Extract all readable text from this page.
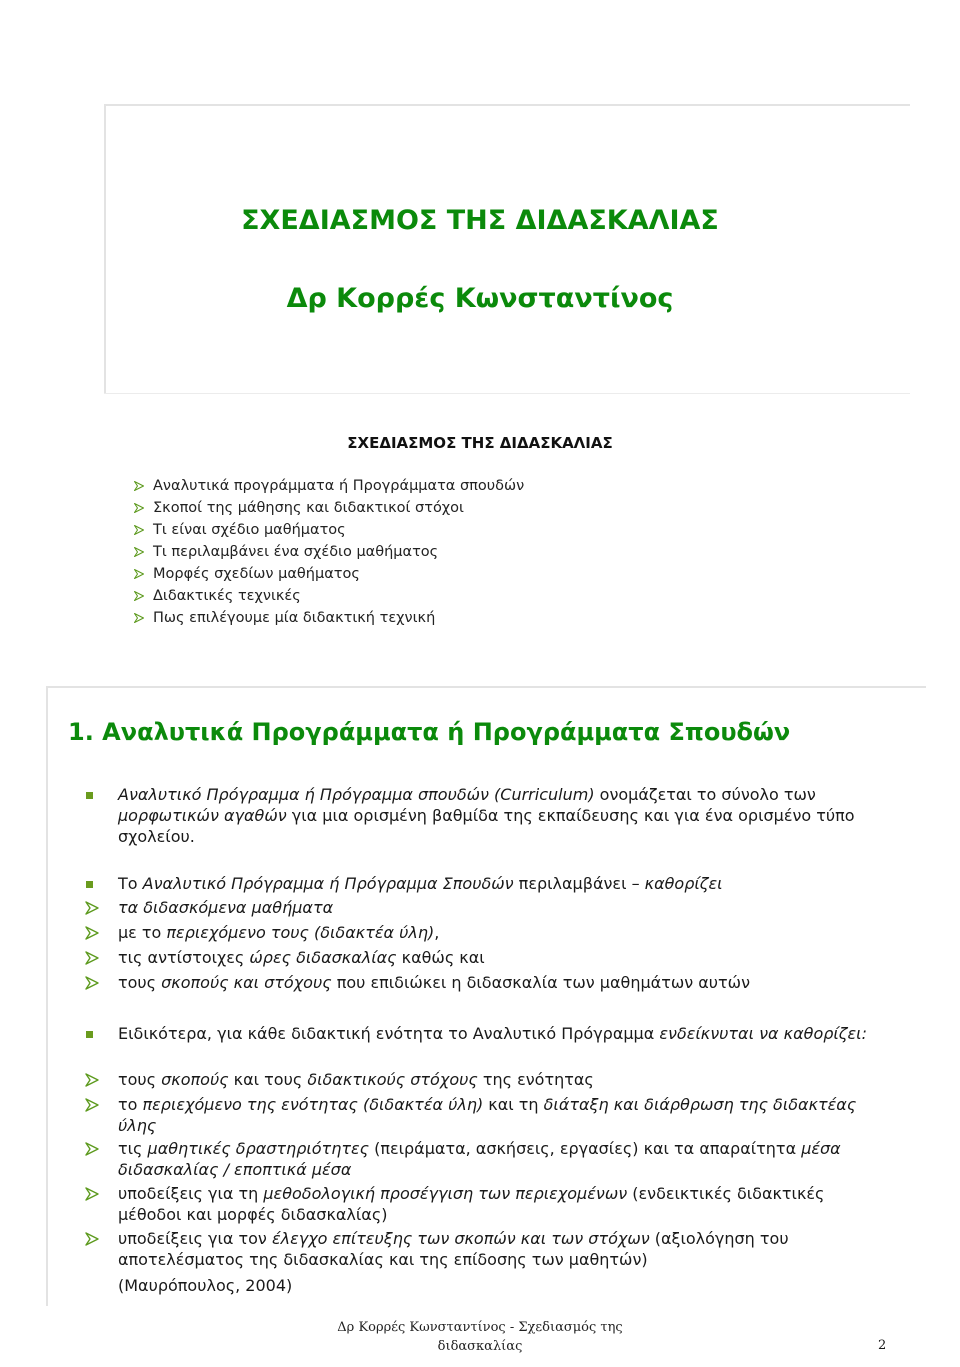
ΣΧΕΔΙΑΣΜΟΣ ΤΗΣ ΔΙΔΑΣΚΑΛΙΑΣ
Δρ Κορρές Κωνσταντίνος
ΣΧΕΔΙΑΣΜΟΣ ΤΗΣ ΔΙΔΑΣΚΑΛΙΑΣ
Αναλυτικά προγράμματα ή Προγράμματα σπουδών
Σκοποί της μάθησης και διδακτικοί στόχοι
Τι είναι σχέδιο μαθήματος
Τι περιλαμβάνει ένα σχέδιο μαθήματος
Μορφές σχεδίων μαθήματος
Διδακτικές τεχνικές
Πως επιλέγουμε μία διδακτική τεχνική
1. Αναλυτικά Προγράμματα ή Προγράμματα Σπουδών
Αναλυτικό Πρόγραμμα ή Πρόγραμμα σπουδών (Curriculum) ονομάζεται το σύνολο των μορφωτικών αγαθών για μια ορισμένη βαθμίδα της εκπαίδευσης και για ένα ορισμένο τύπο σχολείου.
Το Αναλυτικό Πρόγραμμα ή Πρόγραμμα Σπουδών περιλαμβάνει – καθορίζει
τα διδασκόμενα μαθήματα
με το περιεχόμενο τους (διδακτέα ύλη),
τις αντίστοιχες ώρες διδασκαλίας καθώς και
τους σκοπούς και στόχους που επιδιώκει η διδασκαλία των μαθημάτων αυτών
Ειδικότερα, για κάθε διδακτική ενότητα το Αναλυτικό Πρόγραμμα ενδείκνυται να καθορίζει:
τους σκοπούς και τους διδακτικούς στόχους της ενότητας
το περιεχόμενο της ενότητας (διδακτέα ύλη) και τη διάταξη και διάρθρωση της διδακτέας ύλης
τις μαθητικές δραστηριότητες (πειράματα, ασκήσεις, εργασίες) και τα απαραίτητα μέσα διδασκαλίας / εποπτικά μέσα
υποδείξεις για τη μεθοδολογική προσέγγιση των περιεχομένων (ενδεικτικές διδακτικές μέθοδοι και μορφές διδασκαλίας)
υποδείξεις για τον έλεγχο επίτευξης των σκοπών και των στόχων (αξιολόγηση του αποτελέσματος της διδασκαλίας και της επίδοσης των μαθητών)
(Μαυρόπουλος, 2004)
Δρ Κορρές Κωνσταντίνος - Σχεδιασμός της
διδασκαλίας	2
